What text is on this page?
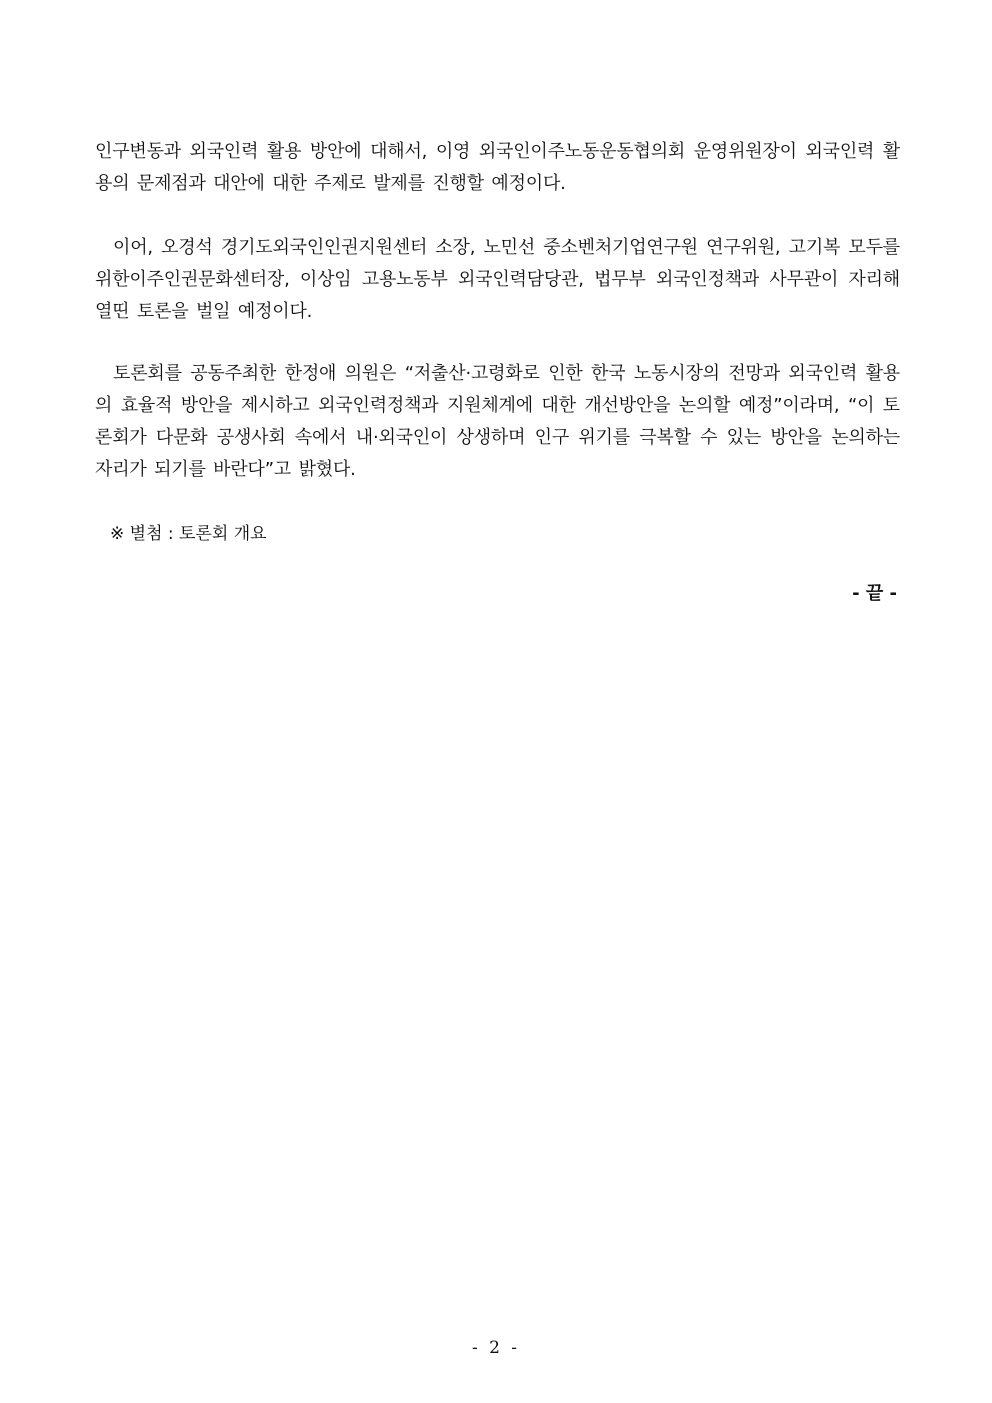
인구변동과 외국인력 활용 방안에 대해서, 이영 외국인이주노동운동협의회 운영위원장이 외국인력 활용의 문제점과 대안에 대한 주제로 발제를 진행할 예정이다.

이어, 오경석 경기도외국인인권지원센터 소장, 노민선 중소벤처기업연구원 연구위원, 고기복 모두를위한이주인권문화센터장, 이상임 고용노동부 외국인력담당관, 법무부 외국인정책과 사무관이 자리해 열띤 토론을 벌일 예정이다.

토론회를 공동주최한 한정애 의원은 “저출산·고령화로 인한 한국 노동시장의 전망과 외국인력 활용의 효율적 방안을 제시하고 외국인력정책과 지원체계에 대한 개선방안을 논의할 예정”이라며, “이 토론회가 다문화 공생사회 속에서 내·외국인이 상생하며 인구 위기를 극복할 수 있는 방안을 논의하는 자리가 되기를 바란다”고 밝혔다.

※ 별첨 : 토론회 개요

- 끝 -

- 2 -
